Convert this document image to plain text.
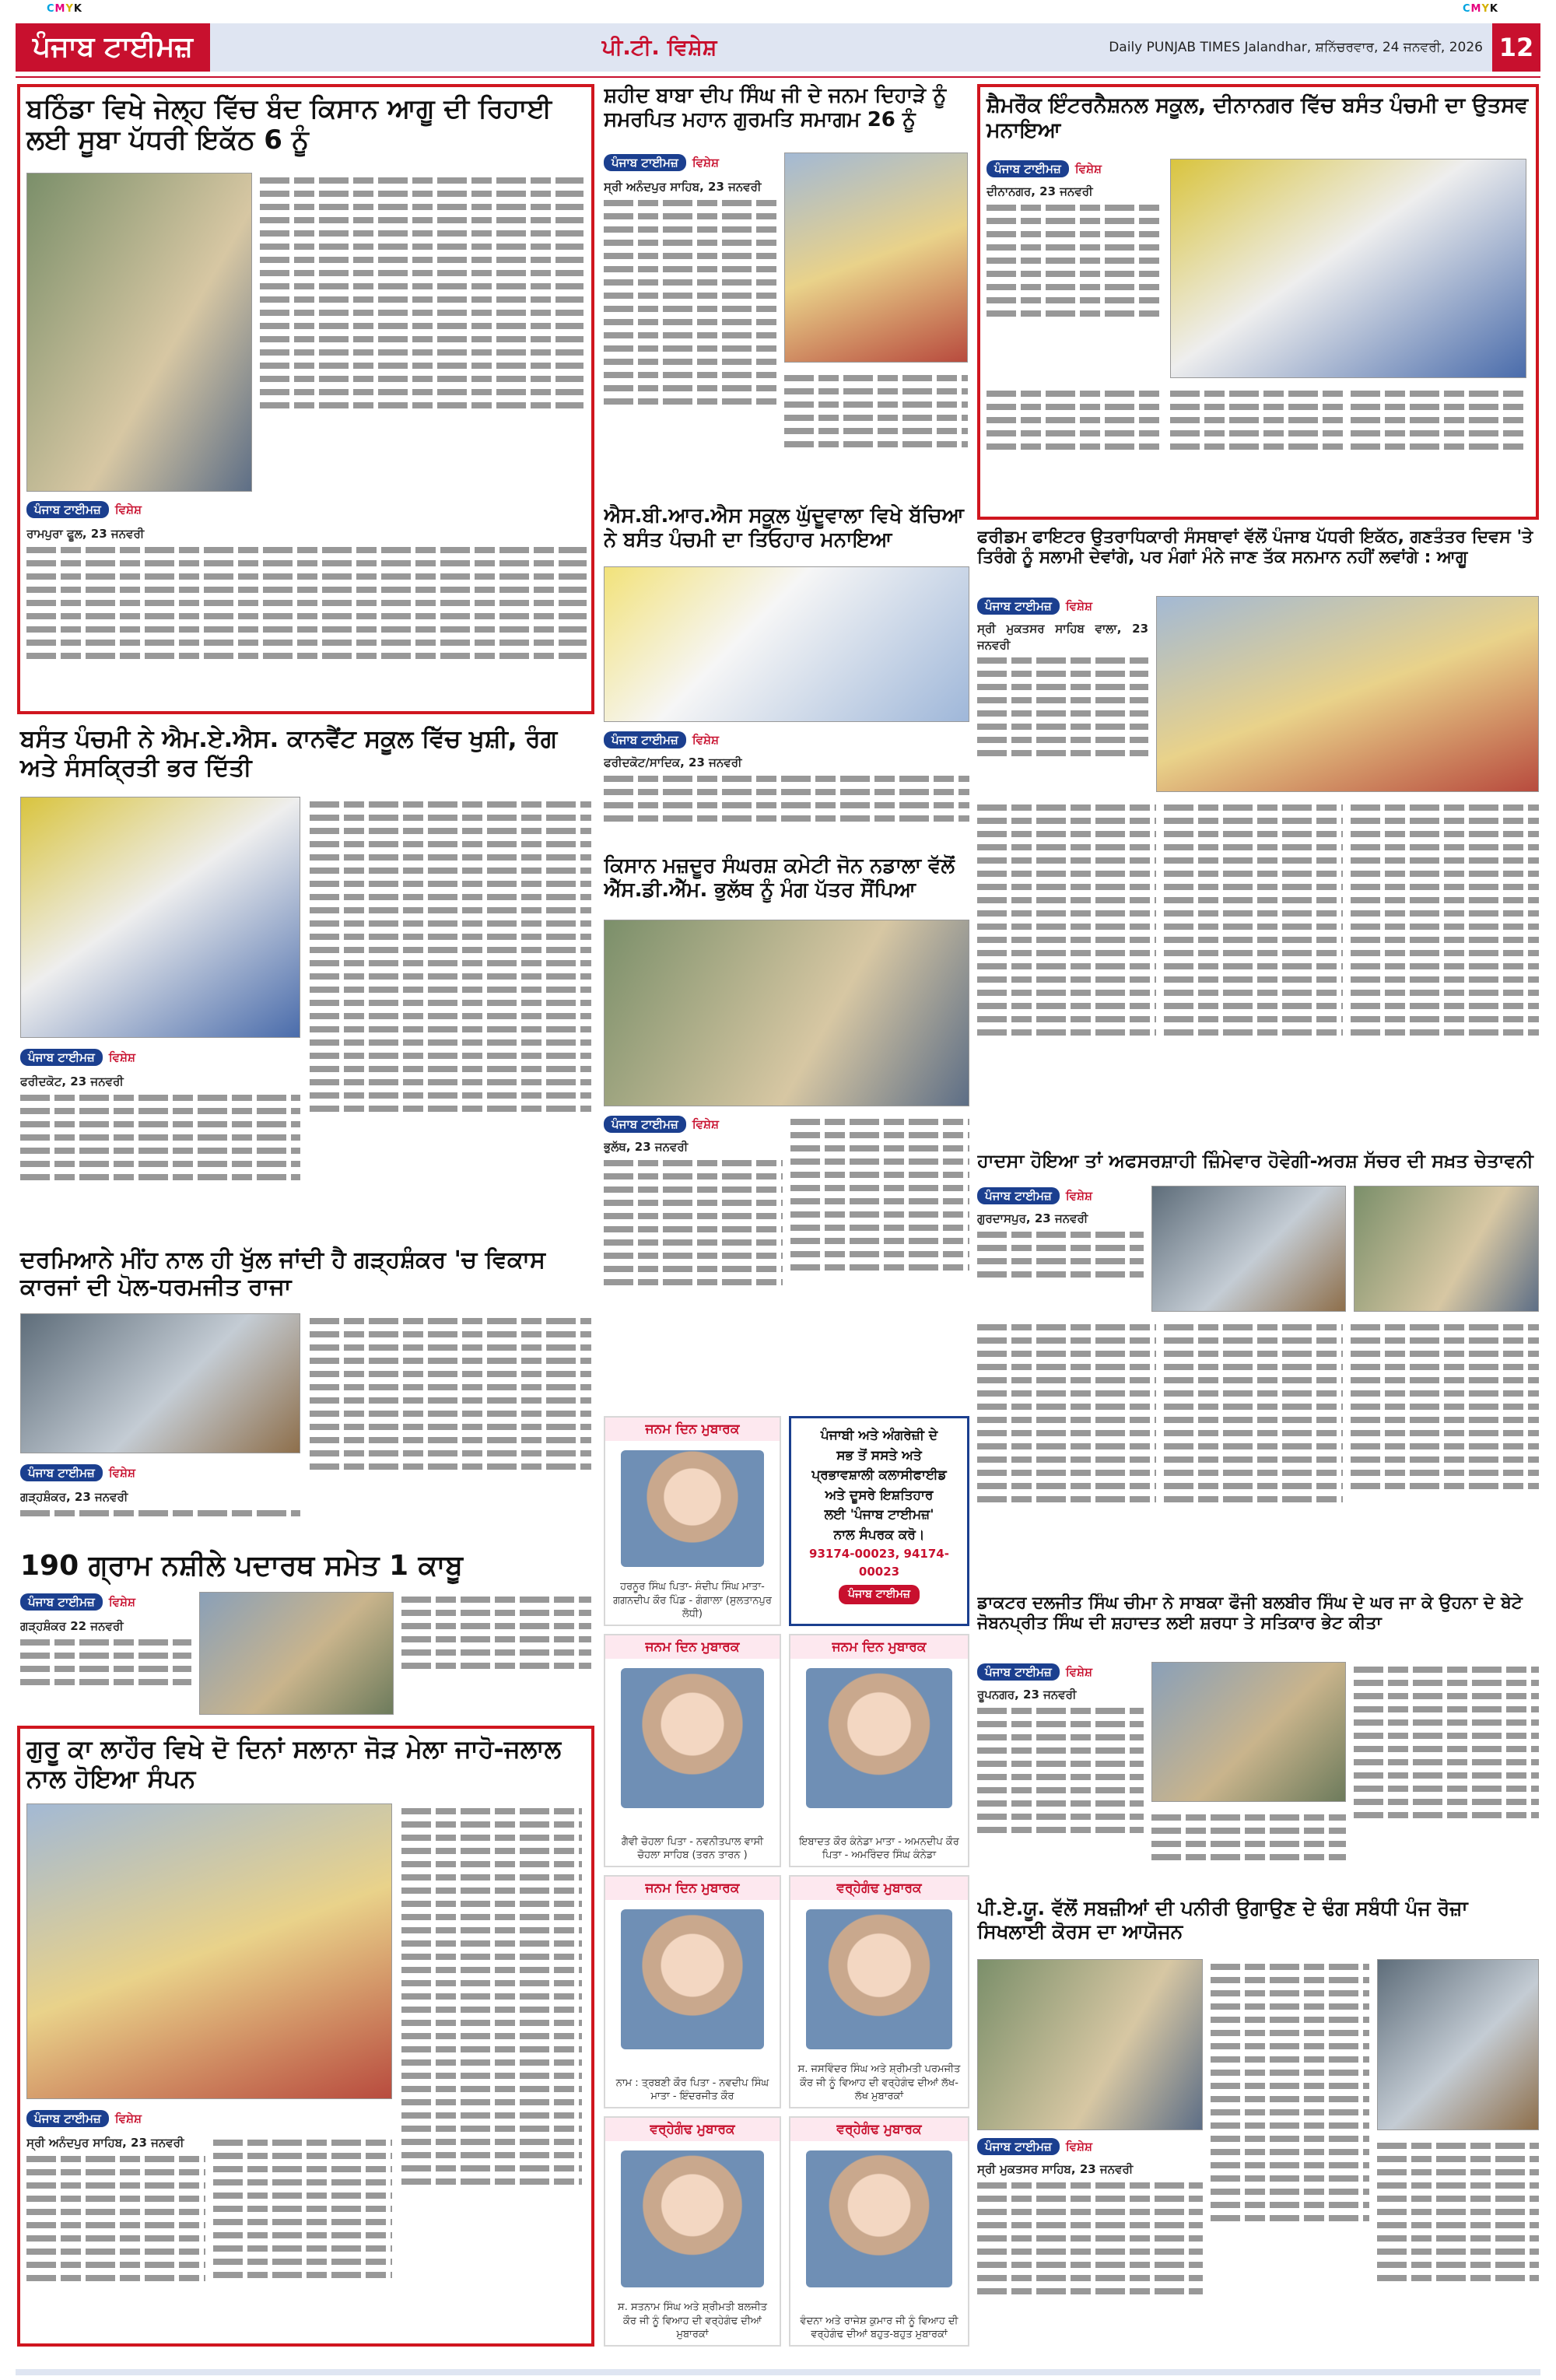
CMYK	CMYK
ਪੰਜਾਬ ਟਾਈਮਜ਼	ਪੀ.ਟੀ. ਵਿਸ਼ੇਸ਼	Daily PUNJAB TIMES Jalandhar, ਸ਼ਨਿੱਚਰਵਾਰ, 24 ਜਨਵਰੀ, 2026 12
ਬਠਿੰਡਾ ਵਿਖੇ ਜੇਲ੍ਹ ਵਿੱਚ ਬੰਦ ਕਿਸਾਨ ਆਗੂ ਦੀ ਰਿਹਾਈ ਲਈ ਸੂਬਾ ਪੱਧਰੀ ਇਕੱਠ 6 ਨੂੰ
ਪੰਜਾਬ ਟਾਈਮਜ਼	ਵਿਸ਼ੇਸ਼
ਰਾਮਪੁਰਾ ਫੂਲ, 23 ਜਨਵਰੀ
ਬਸੰਤ ਪੰਚਮੀ ਨੇ ਐਮ.ਏ.ਐਸ. ਕਾਨਵੈਂਟ ਸਕੂਲ ਵਿੱਚ ਖੁਸ਼ੀ, ਰੰਗ ਅਤੇ ਸੰਸਕ੍ਰਿਤੀ ਭਰ ਦਿੱਤੀ
ਪੰਜਾਬ ਟਾਈਮਜ਼	ਵਿਸ਼ੇਸ਼
ਫਰੀਦਕੋਟ, 23 ਜਨਵਰੀ
ਦਰਮਿਆਨੇ ਮੀਂਹ ਨਾਲ ਹੀ ਖੁੱਲ ਜਾਂਦੀ ਹੈ ਗੜ੍ਹਸ਼ੰਕਰ 'ਚ ਵਿਕਾਸ ਕਾਰਜਾਂ ਦੀ ਪੋਲ-ਧਰਮਜੀਤ ਰਾਜਾ
ਪੰਜਾਬ ਟਾਈਮਜ਼	ਵਿਸ਼ੇਸ਼
ਗੜ੍ਹਸ਼ੰਕਰ, 23 ਜਨਵਰੀ
190 ਗ੍ਰਾਮ ਨਸ਼ੀਲੇ ਪਦਾਰਥ ਸਮੇਤ 1 ਕਾਬੂ
ਪੰਜਾਬ ਟਾਈਮਜ਼	ਵਿਸ਼ੇਸ਼
ਗੜ੍ਹਸ਼ੰਕਰ 22 ਜਨਵਰੀ
ਗੁਰੂ ਕਾ ਲਾਹੌਰ ਵਿਖੇ ਦੋ ਦਿਨਾਂ ਸਲਾਨਾ ਜੋੜ ਮੇਲਾ ਜਾਹੋ-ਜਲਾਲ ਨਾਲ ਹੋਇਆ ਸੰਪਨ
ਪੰਜਾਬ ਟਾਈਮਜ਼	ਵਿਸ਼ੇਸ਼
ਸ੍ਰੀ ਅਨੰਦਪੁਰ ਸਾਹਿਬ, 23 ਜਨਵਰੀ
ਸ਼ਹੀਦ ਬਾਬਾ ਦੀਪ ਸਿੰਘ ਜੀ ਦੇ ਜਨਮ ਦਿਹਾੜੇ ਨੂੰ ਸਮਰਪਿਤ ਮਹਾਨ ਗੁਰਮਤਿ ਸਮਾਗਮ 26 ਨੂੰ
ਪੰਜਾਬ ਟਾਈਮਜ਼	ਵਿਸ਼ੇਸ਼
ਸ੍ਰੀ ਅਨੰਦਪੁਰ ਸਾਹਿਬ, 23 ਜਨਵਰੀ
ਐਸ.ਬੀ.ਆਰ.ਐਸ ਸਕੂਲ ਘੁੱਦੂਵਾਲਾ ਵਿਖੇ ਬੱਚਿਆ ਨੇ ਬਸੰਤ ਪੰਚਮੀ ਦਾ ਤਿਓਹਾਰ ਮਨਾਇਆ
ਪੰਜਾਬ ਟਾਈਮਜ਼	ਵਿਸ਼ੇਸ਼
ਫਰੀਦਕੋਟ/ਸਾਦਿਕ, 23 ਜਨਵਰੀ
ਕਿਸਾਨ ਮਜ਼ਦੂਰ ਸੰਘਰਸ਼ ਕਮੇਟੀ ਜੋਨ ਨਡਾਲਾ ਵੱਲੋਂ ਐੱਸ.ਡੀ.ਐੱਮ. ਭੁਲੱਥ ਨੂੰ ਮੰਗ ਪੱਤਰ ਸੌਂਪਿਆ
ਪੰਜਾਬ ਟਾਈਮਜ਼	ਵਿਸ਼ੇਸ਼
ਭੁਲੱਥ, 23 ਜਨਵਰੀ
ਜਨਮ ਦਿਨ ਮੁਬਾਰਕ
ਹਰਨੂਰ ਸਿੰਘ ਪਿਤਾ- ਸੰਦੀਪ ਸਿੰਘ ਮਾਤਾ- ਗਗਨਦੀਪ ਕੌਰ ਪਿੰਡ - ਗੰਗਾਲਾ (ਸੁਲਤਾਨਪੁਰ ਲੋਧੀ)
ਪੰਜਾਬੀ ਅਤੇ ਅੰਗਰੇਜ਼ੀ ਦੇ
ਸਭ ਤੋਂ ਸਸਤੇ ਅਤੇ
ਪ੍ਰਭਾਵਸ਼ਾਲੀ ਕਲਾਸੀਫਾਈਡ
ਅਤੇ ਦੂਸਰੇ ਇਸ਼ਤਿਹਾਰ
ਲਈ 'ਪੰਜਾਬ ਟਾਈਮਜ਼'
ਨਾਲ ਸੰਪਰਕ ਕਰੋ।
93174-00023, 94174-00023
ਪੰਜਾਬ ਟਾਈਮਜ਼
ਜਨਮ ਦਿਨ ਮੁਬਾਰਕ
ਗੈਵੀ ਚੋਹਲਾ ਪਿਤਾ - ਨਵਨੀਤਪਾਲ ਵਾਸੀ ਚੋਹਲਾ ਸਾਹਿਬ (ਤਰਨ ਤਾਰਨ )
ਜਨਮ ਦਿਨ ਮੁਬਾਰਕ
ਇਬਾਦਤ ਕੌਰ ਕੰਨੇਡਾ ਮਾਤਾ - ਅਮਨਦੀਪ ਕੌਰ ਪਿਤਾ - ਅਮਰਿੰਦਰ ਸਿੰਘ ਕੰਨੇਡਾ
ਜਨਮ ਦਿਨ ਮੁਬਾਰਕ
ਨਾਮ : ਤ੍ਰਬਣੀ ਕੌਰ ਪਿਤਾ - ਨਵਦੀਪ ਸਿੰਘ ਮਾਤਾ - ਇੰਦਰਜੀਤ ਕੌਰ
ਵਰ੍ਹੇਗੰਢ ਮੁਬਾਰਕ
ਸ. ਜਸਵਿੰਦਰ ਸਿੰਘ ਅਤੇ ਸ਼੍ਰੀਮਤੀ ਪਰਮਜੀਤ ਕੌਰ ਜੀ ਨੂੰ ਵਿਆਹ ਦੀ ਵਰ੍ਹੇਗੰਢ ਦੀਆਂ ਲੱਖ-ਲੱਖ ਮੁਬਾਰਕਾਂ
ਵਰ੍ਹੇਗੰਢ ਮੁਬਾਰਕ
ਸ. ਸਤਨਾਮ ਸਿੰਘ ਅਤੇ ਸ਼੍ਰੀਮਤੀ ਬਲਜੀਤ ਕੌਰ ਜੀ ਨੂੰ ਵਿਆਹ ਦੀ ਵਰ੍ਹੇਗੰਢ ਦੀਆਂ ਮੁਬਾਰਕਾਂ
ਵਰ੍ਹੇਗੰਢ ਮੁਬਾਰਕ
ਵੰਦਨਾ ਅਤੇ ਰਾਜੇਸ਼ ਕੁਮਾਰ ਜੀ ਨੂੰ ਵਿਆਹ ਦੀ ਵਰ੍ਹੇਗੰਢ ਦੀਆਂ ਬਹੁਤ-ਬਹੁਤ ਮੁਬਾਰਕਾਂ
ਸ਼ੈਮਰੌਕ ਇੰਟਰਨੈਸ਼ਨਲ ਸਕੂਲ, ਦੀਨਾਨਗਰ ਵਿੱਚ ਬਸੰਤ ਪੰਚਮੀ ਦਾ ਉਤਸਵ ਮਨਾਇਆ
ਪੰਜਾਬ ਟਾਈਮਜ਼	ਵਿਸ਼ੇਸ਼
ਦੀਨਾਨਗਰ, 23 ਜਨਵਰੀ
ਫਰੀਡਮ ਫਾਇਟਰ ਉਤਰਾਧਿਕਾਰੀ ਸੰਸਥਾਵਾਂ ਵੱਲੋਂ ਪੰਜਾਬ ਪੱਧਰੀ ਇਕੱਠ, ਗਣਤੰਤਰ ਦਿਵਸ 'ਤੇ ਤਿਰੰਗੇ ਨੂੰ ਸਲਾਮੀ ਦੇਵਾਂਗੇ, ਪਰ ਮੰਗਾਂ ਮੰਨੇ ਜਾਣ ਤੱਕ ਸਨਮਾਨ ਨਹੀਂ ਲਵਾਂਗੇ : ਆਗੂ
ਪੰਜਾਬ ਟਾਈਮਜ਼	ਵਿਸ਼ੇਸ਼
ਸ੍ਰੀ ਮੁਕਤਸਰ ਸਾਹਿਬ ਵਾਲਾ, 23 ਜਨਵਰੀ
ਹਾਦਸਾ ਹੋਇਆ ਤਾਂ ਅਫਸਰਸ਼ਾਹੀ ਜ਼ਿੰਮੇਵਾਰ ਹੋਵੇਗੀ-ਅਰਸ਼ ਸੱਚਰ ਦੀ ਸਖ਼ਤ ਚੇਤਾਵਨੀ
ਪੰਜਾਬ ਟਾਈਮਜ਼	ਵਿਸ਼ੇਸ਼
ਗੁਰਦਾਸਪੁਰ, 23 ਜਨਵਰੀ
ਡਾਕਟਰ ਦਲਜੀਤ ਸਿੰਘ ਚੀਮਾ ਨੇ ਸਾਬਕਾ ਫੌਜੀ ਬਲਬੀਰ ਸਿੰਘ ਦੇ ਘਰ ਜਾ ਕੇ ਉਹਨਾ ਦੇ ਬੇਟੇ ਜੋਬਨਪ੍ਰੀਤ ਸਿੰਘ ਦੀ ਸ਼ਹਾਦਤ ਲਈ ਸ਼ਰਧਾ ਤੇ ਸਤਿਕਾਰ ਭੇਟ ਕੀਤਾ
ਪੰਜਾਬ ਟਾਈਮਜ਼	ਵਿਸ਼ੇਸ਼
ਰੂਪਨਗਰ, 23 ਜਨਵਰੀ
ਪੀ.ਏ.ਯੂ. ਵੱਲੋਂ ਸਬਜ਼ੀਆਂ ਦੀ ਪਨੀਰੀ ਉਗਾਉਣ ਦੇ ਢੰਗ ਸਬੰਧੀ ਪੰਜ ਰੋਜ਼ਾ ਸਿਖਲਾਈ ਕੋਰਸ ਦਾ ਆਯੋਜਨ
ਪੰਜਾਬ ਟਾਈਮਜ਼	ਵਿਸ਼ੇਸ਼
ਸ੍ਰੀ ਮੁਕਤਸਰ ਸਾਹਿਬ, 23 ਜਨਵਰੀ
